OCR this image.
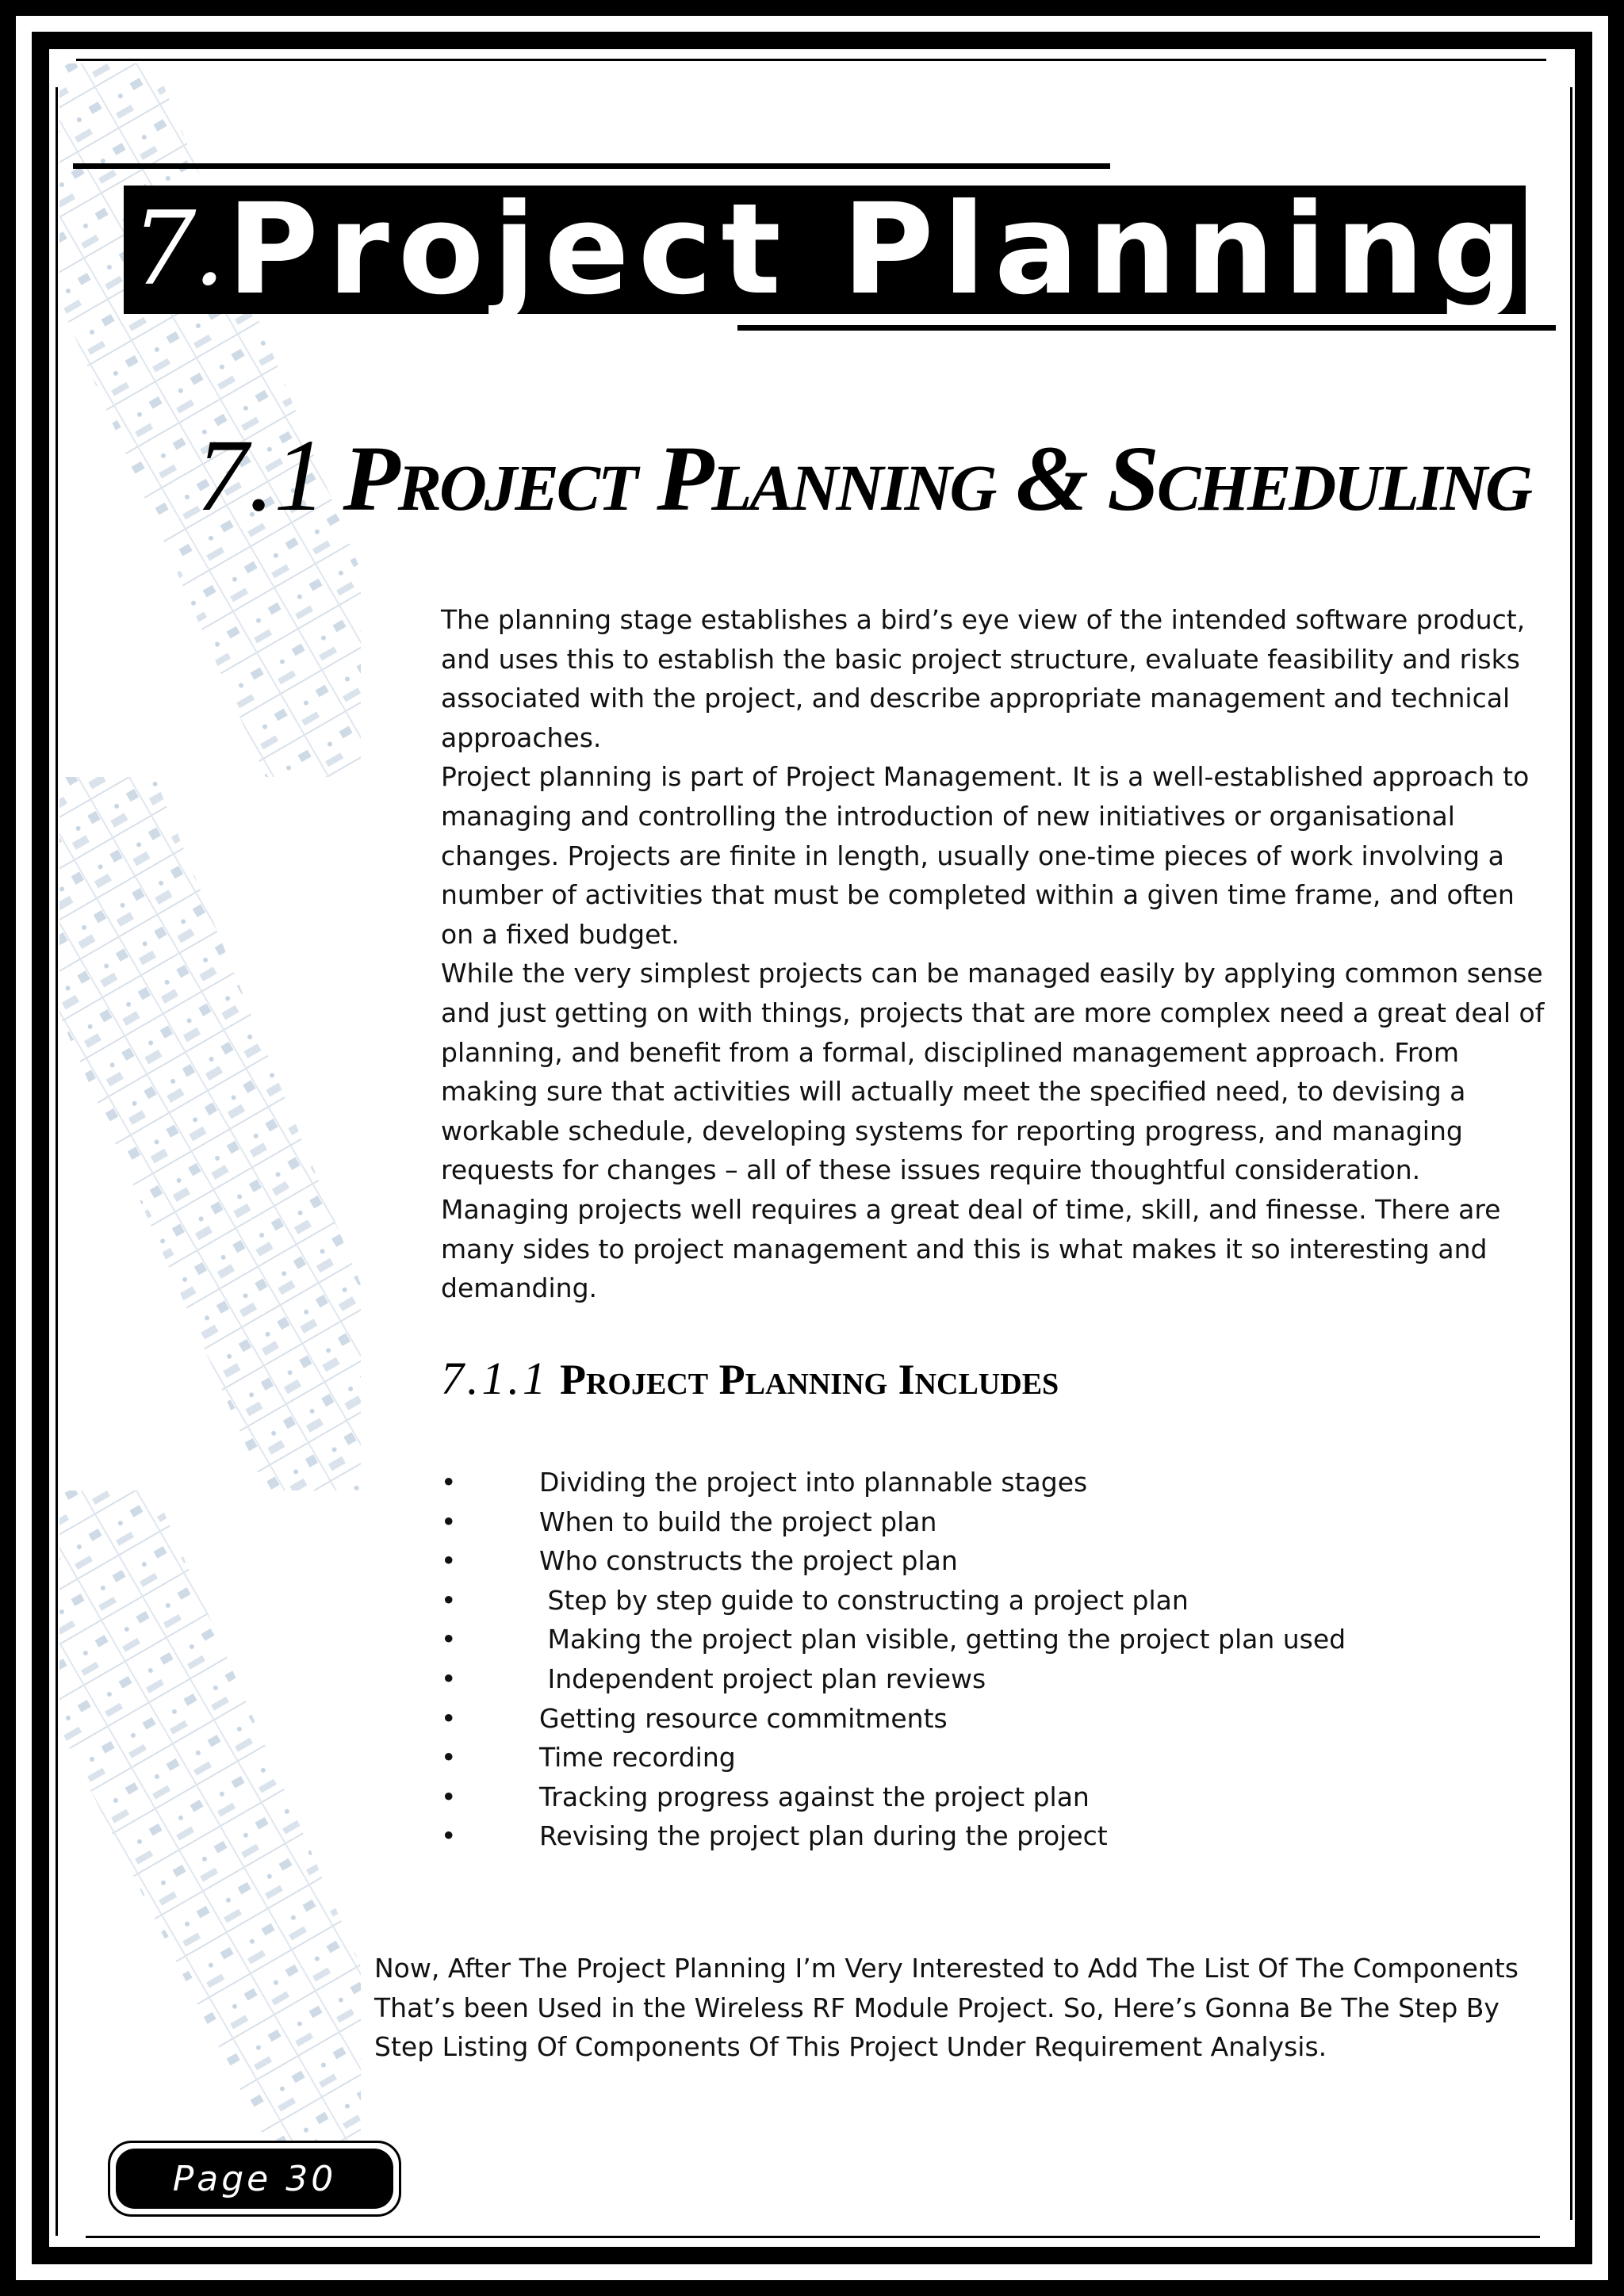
7. Project Planning
7.1 Project Planning & Scheduling

The planning stage establishes a bird’s eye view of the intended software product, and uses this to establish the basic project structure, evaluate feasibility and risks associated with the project, and describe appropriate management and technical approaches.

Project planning is part of Project Management. It is a well-established approach to managing and controlling the introduction of new initiatives or organisational changes. Projects are finite in length, usually one-time pieces of work involving a number of activities that must be completed within a given time frame, and often on a fixed budget.

While the very simplest projects can be managed easily by applying common sense and just getting on with things, projects that are more complex need a great deal of planning, and benefit from a formal, disciplined management approach. From making sure that activities will actually meet the specified need, to devising a workable schedule, developing systems for reporting progress, and managing requests for changes – all of these issues require thoughtful consideration. Managing projects well requires a great deal of time, skill, and finesse. There are many sides to project management and this is what makes it so interesting and demanding.

7.1.1 Project Planning Includes
•	Dividing the project into plannable stages
•	When to build the project plan
•	Who constructs the project plan
•	Step by step guide to constructing a project plan
•	Making the project plan visible, getting the project plan used
•	Independent project plan reviews
•	Getting resource commitments
•	Time recording
•	Tracking progress against the project plan
•	Revising the project plan during the project

Now, After The Project Planning I’m Very Interested to Add The List Of The Components That’s been Used in the Wireless RF Module Project. So, Here’s Gonna Be The Step By Step Listing Of Components Of This Project Under Requirement Analysis.

Page 30
